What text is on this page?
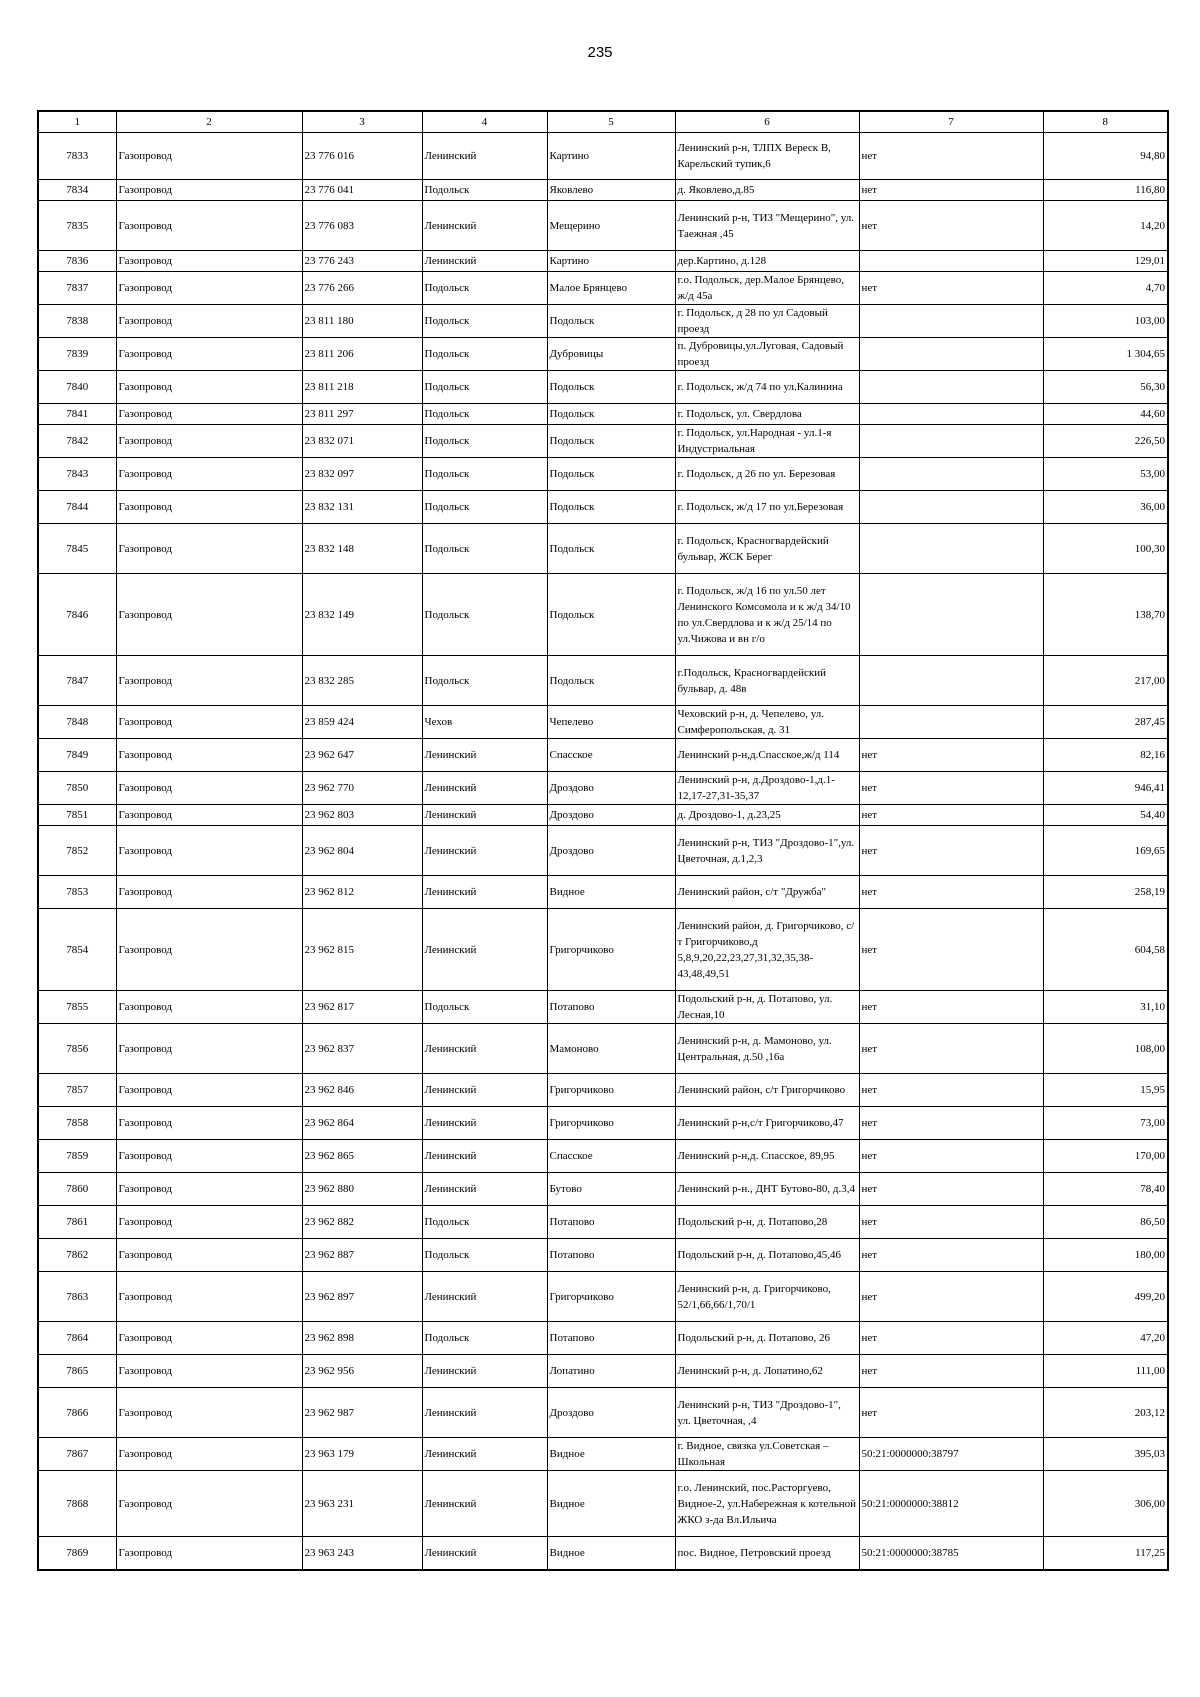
235
1	2	3	4	5	6	7	8
7833	Газопровод	23 776 016	Ленинский	Картино	Ленинский р-н, ТЛПХ Вереск В, Карельский тупик,6	нет	94,80
7834	Газопровод	23 776 041	Подольск	Яковлево	д. Яковлево,д.85	нет	116,80
7835	Газопровод	23 776 083	Ленинский	Мещерино	Ленинский р-н, ТИЗ "Мещерино", ул. Таежная ,45	нет	14,20
7836	Газопровод	23 776 243	Ленинский	Картино	дер.Картино, д.128		129,01
7837	Газопровод	23 776 266	Подольск	Малое Брянцево	г.о. Подольск, дер.Малое Брянцево, ж/д 45а	нет	4,70
7838	Газопровод	23 811 180	Подольск	Подольск	г. Подольск, д 28 по ул Садовый проезд		103,00
7839	Газопровод	23 811 206	Подольск	Дубровицы	п. Дубровицы,ул.Луговая, Садовый проезд		1 304,65
7840	Газопровод	23 811 218	Подольск	Подольск	г. Подольск, ж/д 74 по ул.Калинина		56,30
7841	Газопровод	23 811 297	Подольск	Подольск	г. Подольск, ул. Свердлова		44,60
7842	Газопровод	23 832 071	Подольск	Подольск	г. Подольск, ул.Народная - ул.1-я Индустриальная		226,50
7843	Газопровод	23 832 097	Подольск	Подольск	г. Подольск, д 26 по ул. Березовая		53,00
7844	Газопровод	23 832 131	Подольск	Подольск	г. Подольск, ж/д 17 по ул.Березовая		36,00
7845	Газопровод	23 832 148	Подольск	Подольск	г. Подольск, Красногвардейский бульвар, ЖСК Берег		100,30
7846	Газопровод	23 832 149	Подольск	Подольск	г. Подольск, ж/д 16 по ул.50 лет Ленинского Комсомола и к ж/д 34/10 по ул.Свердлова и к ж/д 25/14 по ул.Чижова и вн г/о		138,70
7847	Газопровод	23 832 285	Подольск	Подольск	г.Подольск, Красногвардейский бульвар, д. 48в		217,00
7848	Газопровод	23 859 424	Чехов	Чепелево	Чеховский р-н, д. Чепелево, ул. Симферопольская, д. 31		287,45
7849	Газопровод	23 962 647	Ленинский	Спасское	Ленинский р-н,д.Спасское,ж/д 114	нет	82,16
7850	Газопровод	23 962 770	Ленинский	Дроздово	Ленинский р-н, д.Дроздово-1,д.1-12,17-27,31-35,37	нет	946,41
7851	Газопровод	23 962 803	Ленинский	Дроздово	д. Дроздово-1, д.23,25	нет	54,40
7852	Газопровод	23 962 804	Ленинский	Дроздово	Ленинский р-н, ТИЗ "Дроздово-1",ул. Цветочная, д.1,2,3	нет	169,65
7853	Газопровод	23 962 812	Ленинский	Видное	Ленинский район, с/т "Дружба"	нет	258,19
7854	Газопровод	23 962 815	Ленинский	Григорчиково	Ленинский район, д. Григорчиково, с/т Григорчиково,д 5,8,9,20,22,23,27,31,32,35,38-43,48,49,51	нет	604,58
7855	Газопровод	23 962 817	Подольск	Потапово	Подольский р-н, д. Потапово, ул. Лесная,10	нет	31,10
7856	Газопровод	23 962 837	Ленинский	Мамоново	Ленинский р-н, д. Мамоново, ул. Центральная, д.50 ,16а	нет	108,00
7857	Газопровод	23 962 846	Ленинский	Григорчиково	Ленинский район, с/т Григорчиково	нет	15,95
7858	Газопровод	23 962 864	Ленинский	Григорчиково	Ленинский р-н,с/т Григорчиково,47	нет	73,00
7859	Газопровод	23 962 865	Ленинский	Спасское	Ленинский р-н,д. Спасское, 89,95	нет	170,00
7860	Газопровод	23 962 880	Ленинский	Бутово	Ленинский р-н., ДНТ Бутово-80, д.3,4	нет	78,40
7861	Газопровод	23 962 882	Подольск	Потапово	Подольский р-н, д. Потапово,28	нет	86,50
7862	Газопровод	23 962 887	Подольск	Потапово	Подольский р-н, д. Потапово,45,46	нет	180,00
7863	Газопровод	23 962 897	Ленинский	Григорчиково	Ленинский р-н, д. Григорчиково, 52/1,66,66/1,70/1	нет	499,20
7864	Газопровод	23 962 898	Подольск	Потапово	Подольский р-н, д. Потапово, 26	нет	47,20
7865	Газопровод	23 962 956	Ленинский	Лопатино	Ленинский р-н, д. Лопатино,62	нет	111,00
7866	Газопровод	23 962 987	Ленинский	Дроздово	Ленинский р-н, ТИЗ "Дроздово-1", ул. Цветочная, ,4	нет	203,12
7867	Газопровод	23 963 179	Ленинский	Видное	г. Видное, связка ул.Советская – Школьная	50:21:0000000:38797	395,03
7868	Газопровод	23 963 231	Ленинский	Видное	г.о. Ленинский, пос.Расторгуево, Видное-2, ул.Набережная к котельной ЖКО з-да Вл.Ильича	50:21:0000000:38812	306,00
7869	Газопровод	23 963 243	Ленинский	Видное	пос. Видное, Петровский проезд	50:21:0000000:38785	117,25
